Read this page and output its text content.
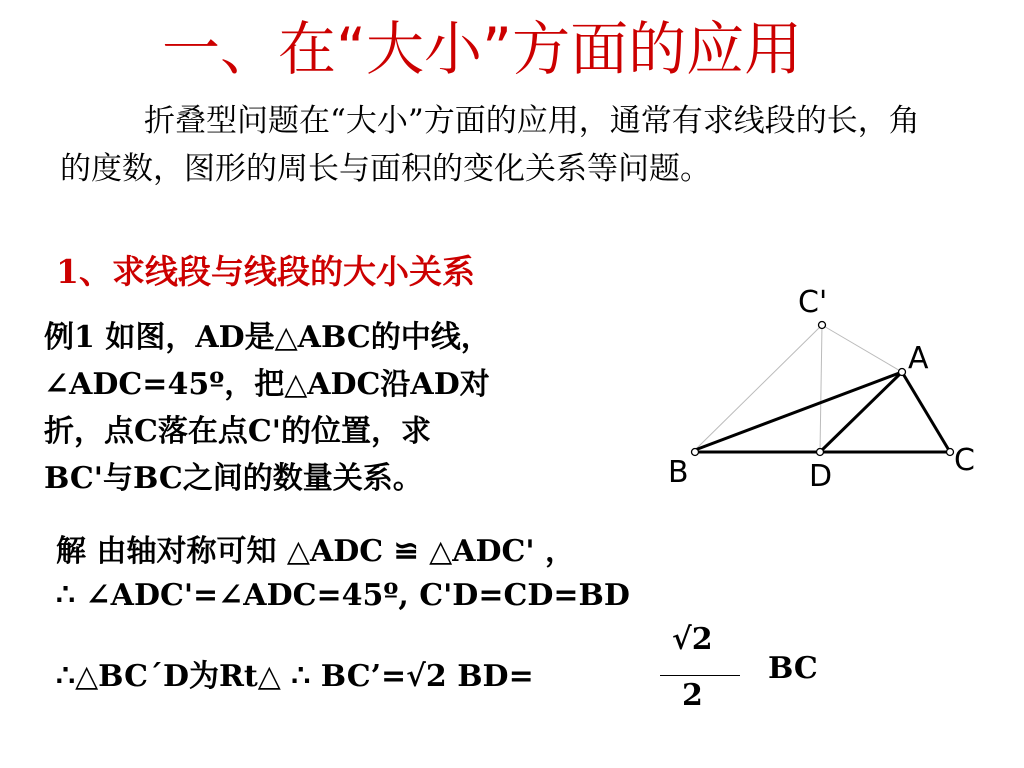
一、在“大小”方面的应用
折叠型问题在“大小”方面的应用，通常有求线段的长，角的度数，图形的周长与面积的变化关系等问题。
1、求线段与线段的大小关系
例1 如图，AD是△ABC的中线，
∠ADC=45º，把△ADC沿AD对
折，点C落在点C'的位置，求
BC'与BC之间的数量关系。
C'
A
B	D	C
解 由轴对称可知 △ADC ≌ △ADC' ，
∴ ∠ADC'=∠ADC=45º, C'D=CD=BD
∴△BC´D为Rt△ ∴ BC’=√2 BD=
√2
2
BC
